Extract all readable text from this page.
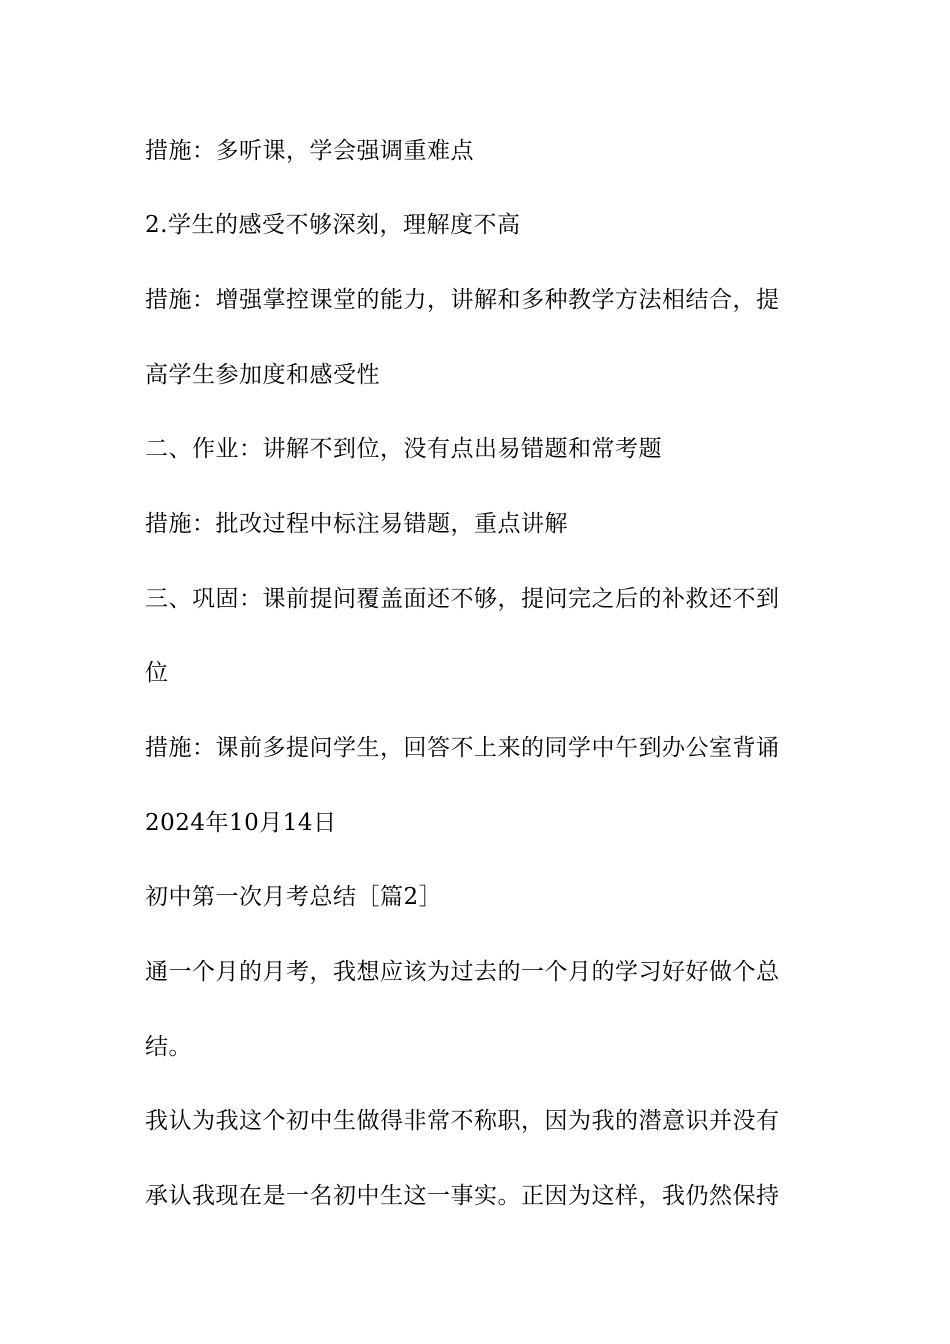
措施：多听课，学会强调重难点
2.学生的感受不够深刻，理解度不高
措施：增强掌控课堂的能力，讲解和多种教学方法相结合，提
高学生参加度和感受性
二、作业：讲解不到位，没有点出易错题和常考题
措施：批改过程中标注易错题，重点讲解
三、巩固：课前提问覆盖面还不够，提问完之后的补救还不到
位
措施：课前多提问学生，回答不上来的同学中午到办公室背诵
2024年10月14日
初中第一次月考总结［篇2］
通一个月的月考，我想应该为过去的一个月的学习好好做个总
结。
我认为我这个初中生做得非常不称职，因为我的潜意识并没有
承认我现在是一名初中生这一事实。正因为这样，我仍然保持
